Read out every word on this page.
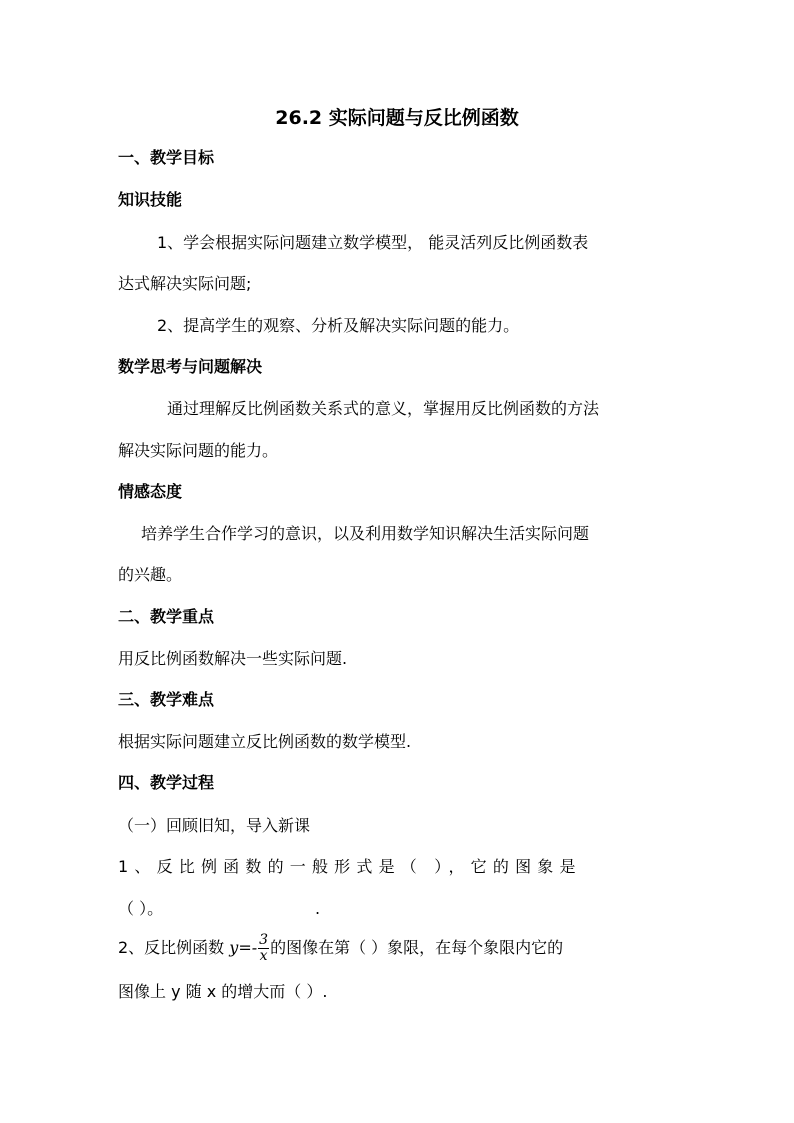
26.2 实际问题与反比例函数
一、教学目标
知识技能
1、学会根据实际问题建立数学模型， 能灵活列反比例函数表
达式解决实际问题;
2、提高学生的观察、分析及解决实际问题的能力。
数学思考与问题解决
通过理解反比例函数关系式的意义，掌握用反比例函数的方法
解决实际问题的能力。
情感态度
培养学生合作学习的意识，以及利用数学知识解决生活实际问题
的兴趣。
二、教学重点
用反比例函数解决一些实际问题.
三、教学难点
根据实际问题建立反比例函数的数学模型.
四、教学过程
（一）回顾旧知，导入新课
1、反比例函数的一般形式是（ ），它的图象是
（ ）。	.
2、反比例函数 $y=- \frac{3}{x}$ 的图像在第（ ）象限，在每个象限内它的
图像上 y 随 x 的增大而（ ）.
